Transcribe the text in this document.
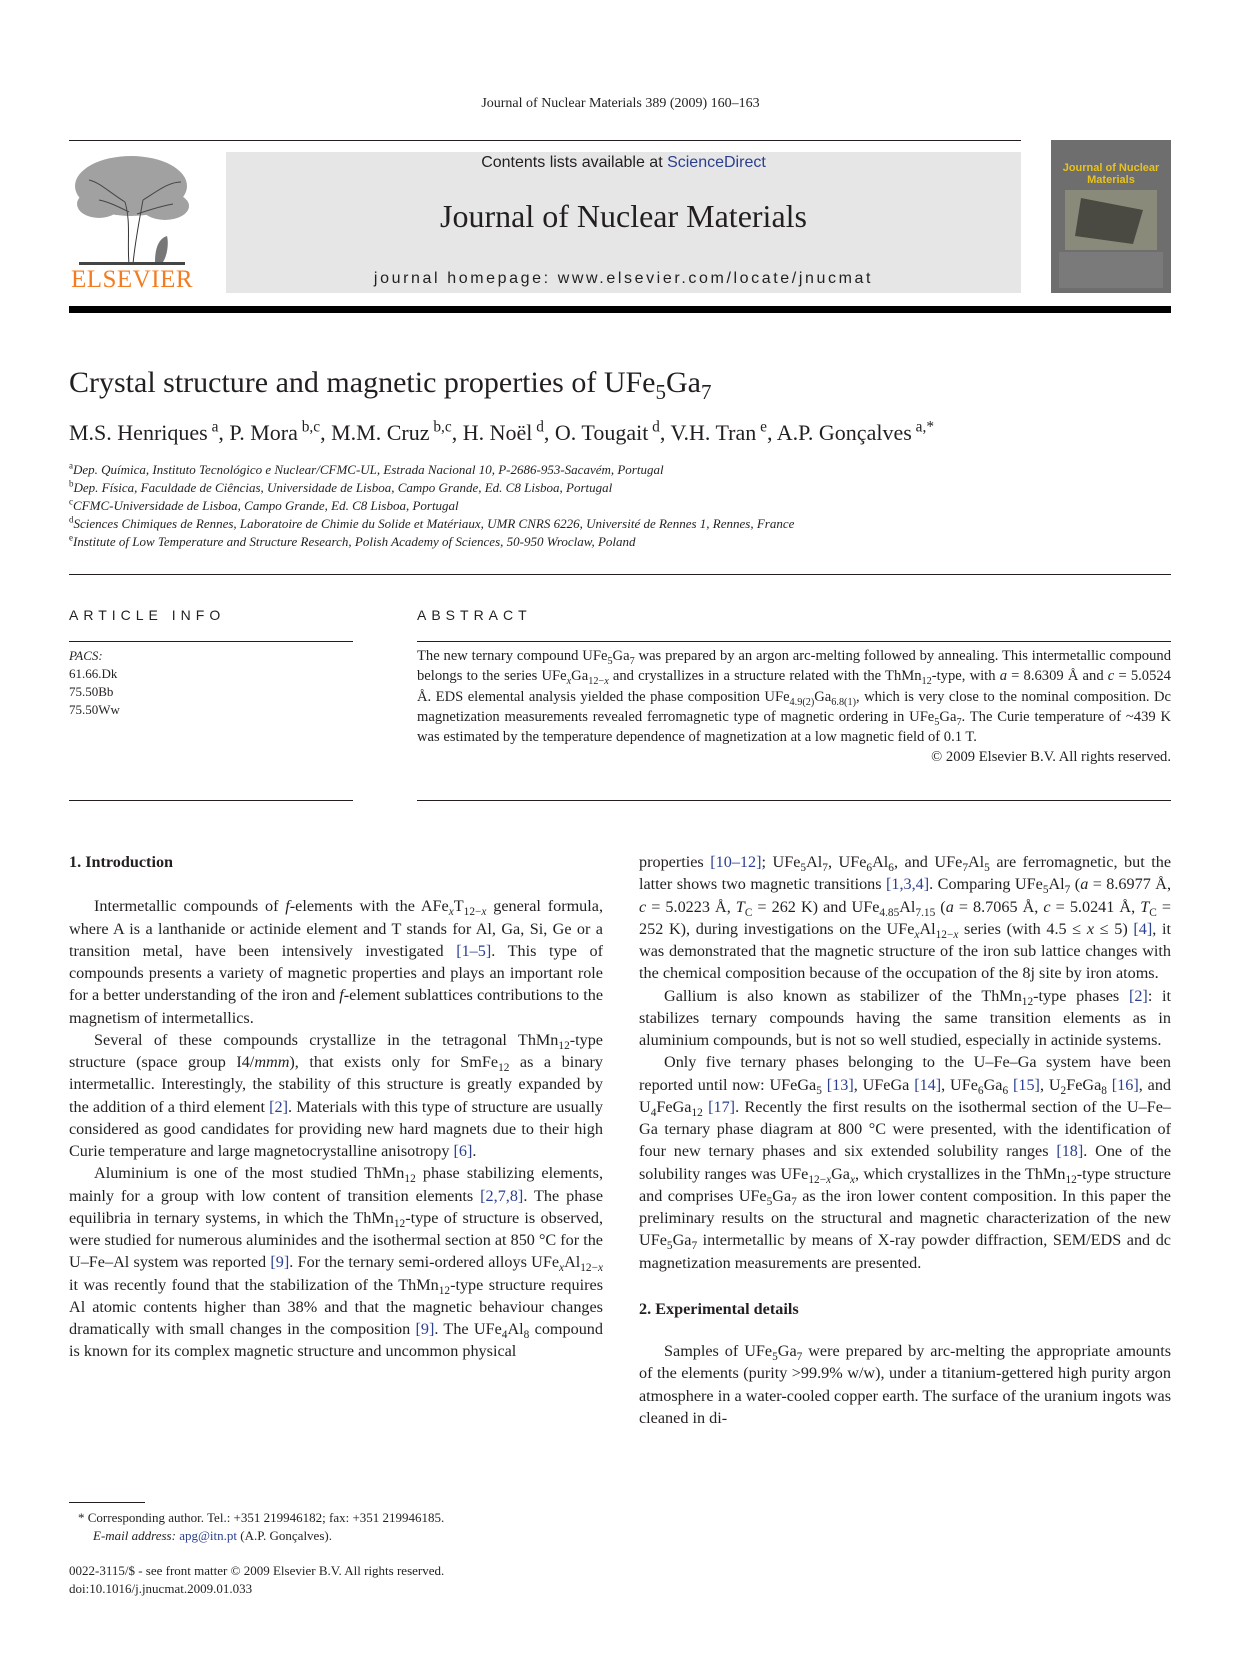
Journal of Nuclear Materials 389 (2009) 160–163
ELSEVIER
Contents lists available at ScienceDirect
Journal of Nuclear Materials
journal homepage: www.elsevier.com/locate/jnucmat
Journal of Nuclear Materials
Crystal structure and magnetic properties of $UFe_5Ga_7$
M.S. Henriques $^a$, P. Mora $^{b,c}$, M.M. Cruz $^{b,c}$, H. Noël $^d$, O. Tougait $^d$, V.H. Tran $^e$, A.P. Gonçalves $^{a,*}$
$^a$Dep. Química, Instituto Tecnológico e Nuclear/CFMC-UL, Estrada Nacional 10, P-2686-953-Sacavém, Portugal
$^b$Dep. Física, Faculdade de Ciências, Universidade de Lisboa, Campo Grande, Ed. C8 Lisboa, Portugal
$^c$CFMC-Universidade de Lisboa, Campo Grande, Ed. C8 Lisboa, Portugal
$^d$Sciences Chimiques de Rennes, Laboratoire de Chimie du Solide et Matériaux, UMR CNRS 6226, Université de Rennes 1, Rennes, France
$^e$Institute of Low Temperature and Structure Research, Polish Academy of Sciences, 50-950 Wroclaw, Poland
ARTICLE INFO
PACS:
61.66.Dk
75.50Bb
75.50Ww
ABSTRACT
The new ternary compound $UFe_5Ga_7$ was prepared by an argon arc-melting followed by annealing. This intermetallic compound belongs to the series $UFe_xGa_{12-x}$ and crystallizes in a structure related with the ThMn$_{12}$-type, with a = 8.6309 Å and c = 5.0524 Å. EDS elemental analysis yielded the phase composition $UFe_{4.9(2)}Ga_{6.8(1)}$, which is very close to the nominal composition. Dc magnetization measurements revealed ferromagnetic type of magnetic ordering in $UFe_5Ga_7$. The Curie temperature of ~439 K was estimated by the temperature dependence of magnetization at a low magnetic field of 0.1 T.
© 2009 Elsevier B.V. All rights reserved.
1. Introduction

Intermetallic compounds of f-elements with the $AFe_xT_{12-x}$ general formula, where A is a lanthanide or actinide element and T stands for Al, Ga, Si, Ge or a transition metal, have been intensively investigated [1–5]. This type of compounds presents a variety of magnetic properties and plays an important role for a better understanding of the iron and f-element sublattices contributions to the magnetism of intermetallics.

Several of these compounds crystallize in the tetragonal ThMn$_{12}$-type structure (space group I4/mmm), that exists only for SmFe$_{12}$ as a binary intermetallic. Interestingly, the stability of this structure is greatly expanded by the addition of a third element [2]. Materials with this type of structure are usually considered as good candidates for providing new hard magnets due to their high Curie temperature and large magnetocrystalline anisotropy [6].

Aluminium is one of the most studied ThMn$_{12}$ phase stabilizing elements, mainly for a group with low content of transition elements [2,7,8]. The phase equilibria in ternary systems, in which the ThMn$_{12}$-type of structure is observed, were studied for numerous aluminides and the isothermal section at 850 °C for the U–Fe–Al system was reported [9]. For the ternary semi-ordered alloys $UFe_xAl_{12-x}$ it was recently found that the stabilization of the ThMn$_{12}$-type structure requires Al atomic contents higher than 38% and that the magnetic behaviour changes dramatically with small changes in the composition [9]. The $UFe_4Al_8$ compound is known for its complex magnetic structure and uncommon physical

* Corresponding author. Tel.: +351 219946182; fax: +351 219946185.
E-mail address: apg@itn.pt (A.P. Gonçalves).
0022-3115/$ - see front matter © 2009 Elsevier B.V. All rights reserved.
doi:10.1016/j.jnucmat.2009.01.033

properties [10–12]; $UFe_5Al_7$, $UFe_6Al_6$, and $UFe_7Al_5$ are ferromagnetic, but the latter shows two magnetic transitions [1,3,4]. Comparing $UFe_5Al_7$ (a = 8.6977 Å, c = 5.0223 Å, $T_C = 262$ K) and $UFe_{4.85}Al_{7.15}$ (a = 8.7065 Å, c = 5.0241 Å, $T_C = 252$ K), during investigations on the $UFe_xAl_{12-x}$ series (with 4.5 ≤ x ≤ 5) [4], it was demonstrated that the magnetic structure of the iron sub lattice changes with the chemical composition because of the occupation of the 8j site by iron atoms.

Gallium is also known as stabilizer of the ThMn$_{12}$-type phases [2]: it stabilizes ternary compounds having the same transition elements as in aluminium compounds, but is not so well studied, especially in actinide systems.

Only five ternary phases belonging to the U–Fe–Ga system have been reported until now: UFeGa$_5$ [13], UFeGa [14], $UFe_6Ga_6$ [15], $U_2FeGa_8$ [16], and $U_4FeGa_{12}$ [17]. Recently the first results on the isothermal section of the U–Fe–Ga ternary phase diagram at 800 °C were presented, with the identification of four new ternary phases and six extended solubility ranges [18]. One of the solubility ranges was $UFe_{12-x}Ga_x$, which crystallizes in the ThMn$_{12}$-type structure and comprises $UFe_5Ga_7$ as the iron lower content composition. In this paper the preliminary results on the structural and magnetic characterization of the new $UFe_5Ga_7$ intermetallic by means of X-ray powder diffraction, SEM/EDS and dc magnetization measurements are presented.

2. Experimental details

Samples of $UFe_5Ga_7$ were prepared by arc-melting the appropriate amounts of the elements (purity >99.9% w/w), under a titanium-gettered high purity argon atmosphere in a water-cooled copper earth. The surface of the uranium ingots was cleaned in di-
